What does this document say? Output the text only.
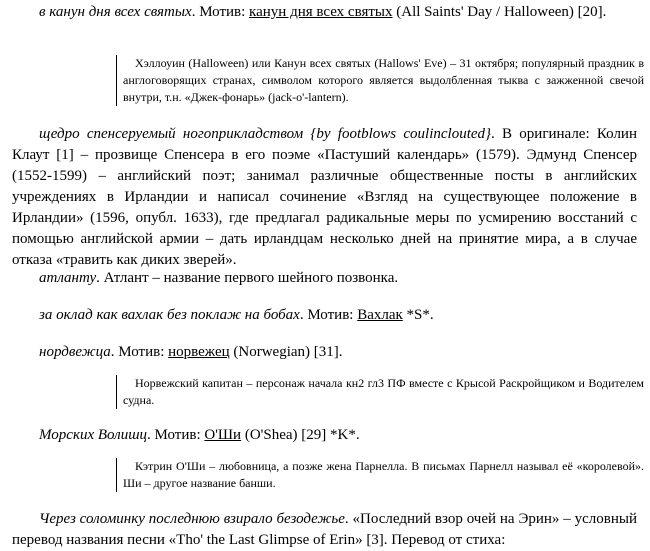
в канун дня всех святых. Мотив: канун дня всех святых (All Saints' Day / Halloween) [20].

Хэллоуин (Halloween) или Канун всех святых (Hallows' Eve) – 31 октября; популярный праздник в англоговорящих странах, символом которого является выдолбленная тыква с зажженной свечой внутри, т.н. «Джек-фонарь» (jack-o'-lantern).

щедро спенсеруемый ногоприкладством {by footblows coulinclouted}. В оригинале: Колин Клаут [1] – прозвище Спенсера в его поэме «Пастуший календарь» (1579). Эдмунд Спенсер (1552-1599) – английский поэт; занимал различные общественные посты в английских учреждениях в Ирландии и написал сочинение «Взгляд на существующее положение в Ирландии» (1596, опубл. 1633), где предлагал радикальные меры по усмирению восстаний с помощью английской армии – дать ирландцам несколько дней на принятие мира, а в случае отказа «травить как диких зверей».

атланту. Атлант – название первого шейного позвонка.

за оклад как вахлак без поклаж на бобах. Мотив: Вахлак *S*.

нордвежца. Мотив: норвежец (Norwegian) [31].

Норвежский капитан – персонаж начала кн2 гл3 ПФ вместе с Крысой Раскройщиком и Водителем судна.

Морских Волишц. Мотив: О'Ши (O'Shea) [29] *K*.

Кэтрин О'Ши – любовница, а позже жена Парнелла. В письмах Парнелл называл её «королевой». Ши – другое название банши.

Через соломинку последнюю взирало безодежье. «Последний взор очей на Эрин» – условный перевод названия песни «Tho' the Last Glimpse of Erin» [3]. Перевод от стиха:
